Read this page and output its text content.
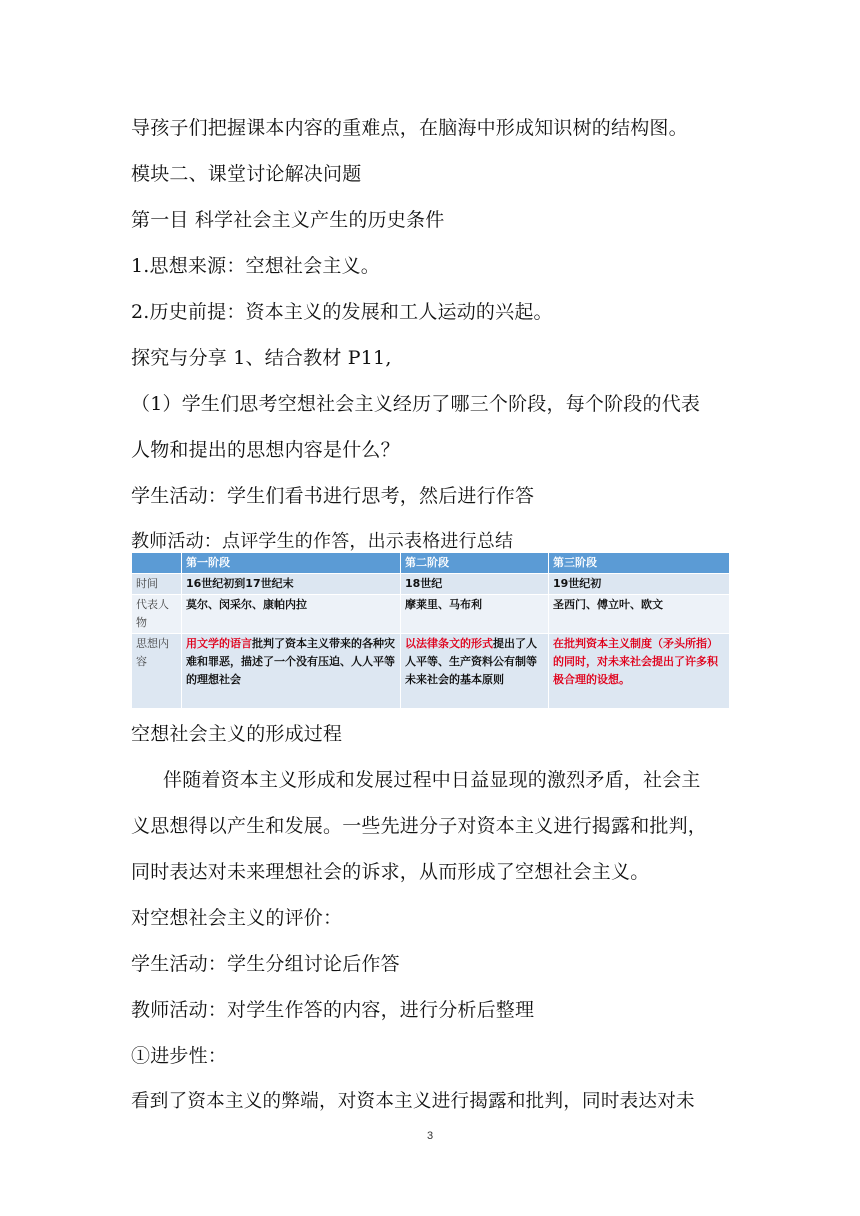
导孩子们把握课本内容的重难点，在脑海中形成知识树的结构图。
模块二、课堂讨论解决问题
第一目 科学社会主义产生的历史条件
1.思想来源：空想社会主义。
2.历史前提：资本主义的发展和工人运动的兴起。
探究与分享 1、结合教材 P11,
（1）学生们思考空想社会主义经历了哪三个阶段，每个阶段的代表
人物和提出的思想内容是什么？
学生活动：学生们看书进行思考，然后进行作答
教师活动：点评学生的作答，出示表格进行总结
	第一阶段	第二阶段	第三阶段
时间	16世纪初到17世纪末	18世纪	19世纪初
代表人物	莫尔、闵采尔、康帕内拉	摩莱里、马布利	圣西门、傅立叶、欧文
思想内容	用文学的语言批判了资本主义带来的各种灾难和罪恶，描述了一个没有压迫、人人平等的理想社会	以法律条文的形式提出了人人平等、生产资料公有制等未来社会的基本原则	在批判资本主义制度（矛头所指）的同时，对未来社会提出了许多积极合理的设想。
空想社会主义的形成过程
伴随着资本主义形成和发展过程中日益显现的激烈矛盾，社会主
义思想得以产生和发展。一些先进分子对资本主义进行揭露和批判，
同时表达对未来理想社会的诉求，从而形成了空想社会主义。
对空想社会主义的评价：
学生活动：学生分组讨论后作答
教师活动：对学生作答的内容，进行分析后整理
①进步性：
看到了资本主义的弊端，对资本主义进行揭露和批判，同时表达对未
3
